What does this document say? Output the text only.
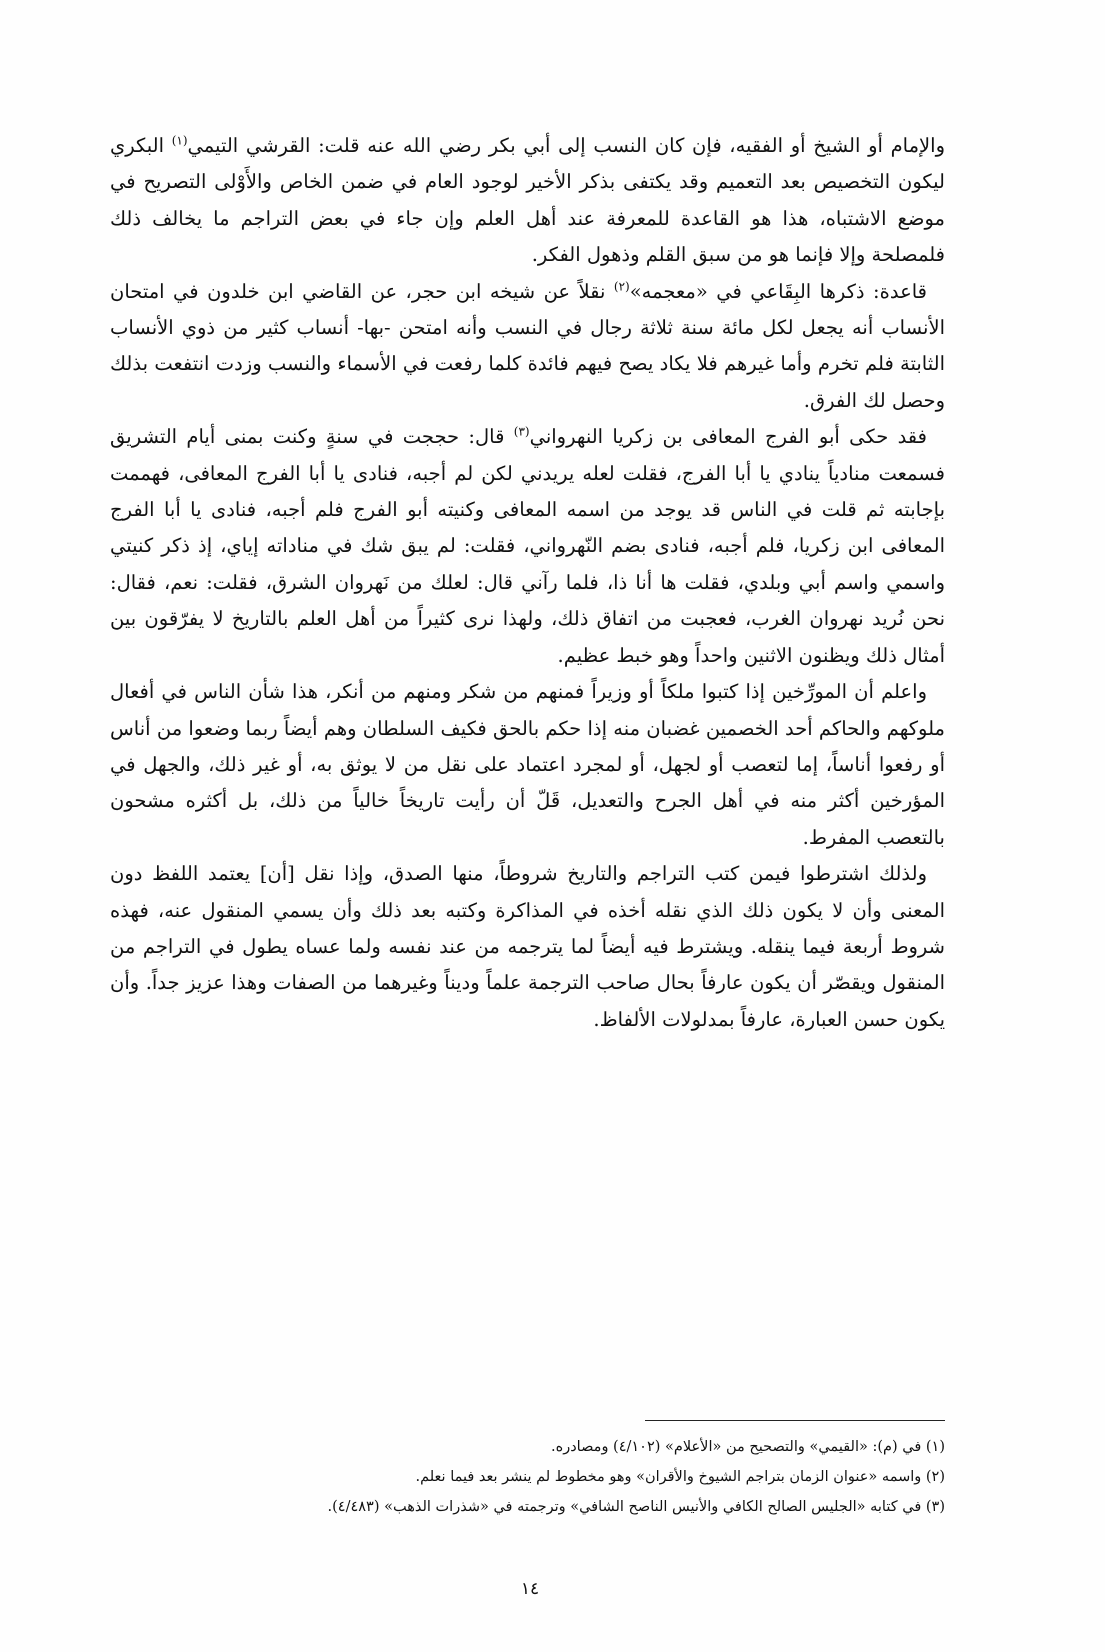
والإمام أو الشيخ أو الفقيه، فإن كان النسب إلى أبي بكر رضي الله عنه قلت: القرشي التيمي$^{(١)}$ البكري ليكون التخصيص بعد التعميم وقد يكتفى بذكر الأخير لوجود العام في ضمن الخاص والأَوْلى التصريح في موضع الاشتباه، هذا هو القاعدة للمعرفة عند أهل العلم وإن جاء في بعض التراجم ما يخالف ذلك فلمصلحة وإلا فإنما هو من سبق القلم وذهول الفكر.

قاعدة: ذكرها البِقَاعي في «معجمه»$^{(٢)}$ نقلاً عن شيخه ابن حجر، عن القاضي ابن خلدون في امتحان الأنساب أنه يجعل لكل مائة سنة ثلاثة رجال في النسب وأنه امتحن -بها- أنساب كثير من ذوي الأنساب الثابتة فلم تخرم وأما غيرهم فلا يكاد يصح فيهم فائدة كلما رفعت في الأسماء والنسب وزدت انتفعت بذلك وحصل لك الفرق.

فقد حكى أبو الفرج المعافى بن زكريا النهرواني$^{(٣)}$ قال: حججت في سنةٍ وكنت بمنى أيام التشريق فسمعت منادياً ينادي يا أبا الفرج، فقلت لعله يريدني لكن لم أجبه، فنادى يا أبا الفرج المعافى، فهممت بإجابته ثم قلت في الناس قد يوجد من اسمه المعافى وكنيته أبو الفرج فلم أجبه، فنادى يا أبا الفرج المعافى ابن زكريا، فلم أجبه، فنادى بضم النّهرواني، فقلت: لم يبق شك في مناداته إياي، إذ ذكر كنيتي واسمي واسم أبي وبلدي، فقلت ها أنا ذا، فلما رآني قال: لعلك من نَهروان الشرق، فقلت: نعم، فقال: نحن نُريد نهروان الغرب، فعجبت من اتفاق ذلك، ولهذا نرى كثيراً من أهل العلم بالتاريخ لا يفرّقون بين أمثال ذلك ويظنون الاثنين واحداً وهو خبط عظيم.

واعلم أن المورِّخين إذا كتبوا ملكاً أو وزيراً فمنهم من شكر ومنهم من أنكر، هذا شأن الناس في أفعال ملوكهم والحاكم أحد الخصمين غضبان منه إذا حكم بالحق فكيف السلطان وهم أيضاً ربما وضعوا من أناس أو رفعوا أناساً، إما لتعصب أو لجهل، أو لمجرد اعتماد على نقل من لا يوثق به، أو غير ذلك، والجهل في المؤرخين أكثر منه في أهل الجرح والتعديل، قَلّ أن رأيت تاريخاً خالياً من ذلك، بل أكثره مشحون بالتعصب المفرط.

ولذلك اشترطوا فيمن كتب التراجم والتاريخ شروطاً، منها الصدق، وإذا نقل [أن] يعتمد اللفظ دون المعنى وأن لا يكون ذلك الذي نقله أخذه في المذاكرة وكتبه بعد ذلك وأن يسمي المنقول عنه، فهذه شروط أربعة فيما ينقله. ويشترط فيه أيضاً لما يترجمه من عند نفسه ولما عساه يطول في التراجم من المنقول ويقصّر أن يكون عارفاً بحال صاحب الترجمة علماً وديناً وغيرهما من الصفات وهذا عزيز جداً. وأن يكون حسن العبارة، عارفاً بمدلولات الألفاظ.

(١) في (م): «القيمي» والتصحيح من «الأعلام» (٤/١٠٢) ومصادره.

(٢) واسمه «عنوان الزمان بتراجم الشيوخ والأقران» وهو مخطوط لم ينشر بعد فيما نعلم.

(٣) في كتابه «الجليس الصالح الكافي والأنيس الناصح الشافي» وترجمته في «شذرات الذهب» (٤/٤٨٣).

١٤
